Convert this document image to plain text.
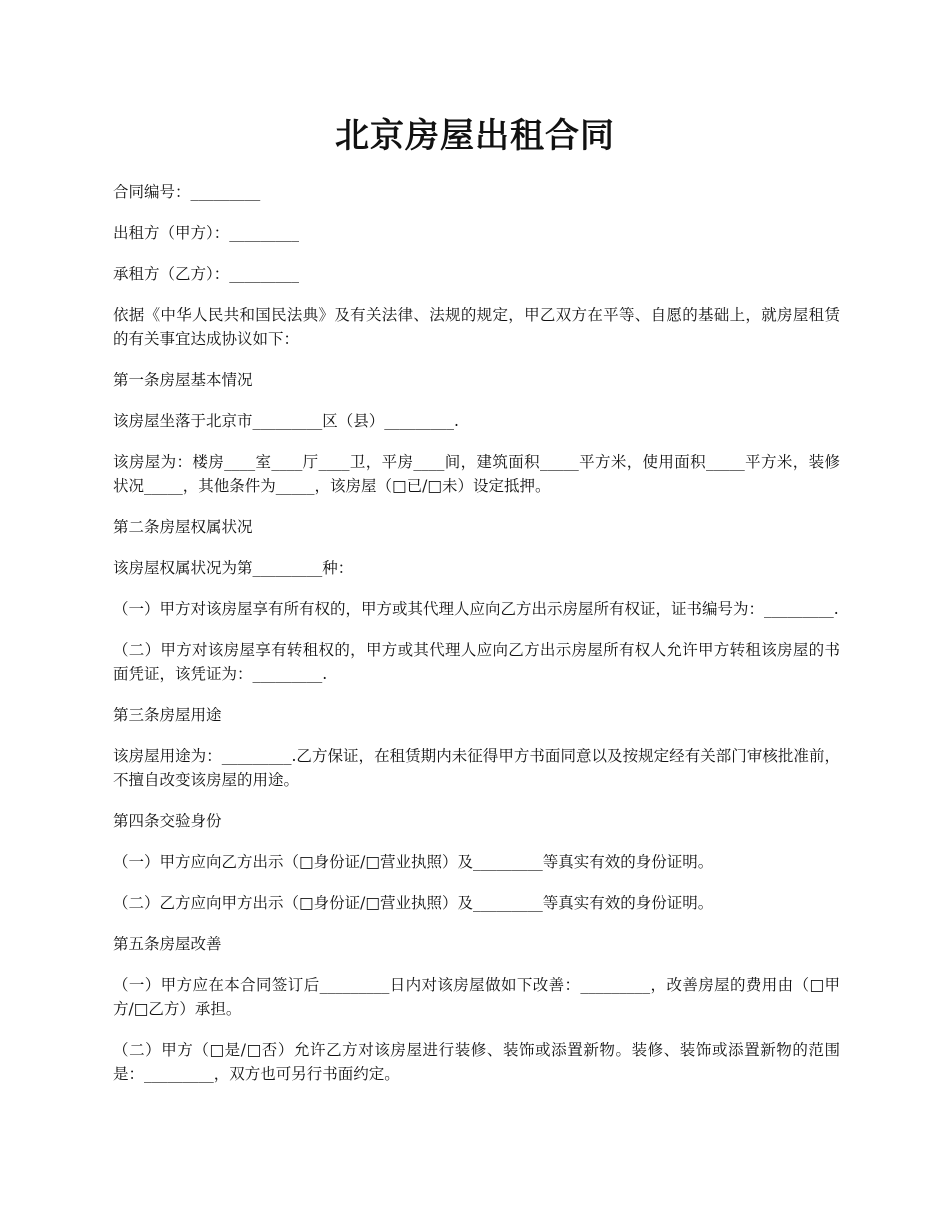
北京房屋出租合同

合同编号：_________

出租方（甲方）：_________

承租方（乙方）：_________

依据《中华人民共和国民法典》及有关法律、法规的规定，甲乙双方在平等、自愿的基础上，就房屋租赁的有关事宜达成协议如下：

第一条房屋基本情况

该房屋坐落于北京市_________区（县）_________.

该房屋为：楼房____室____厅____卫，平房____间，建筑面积_____平方米，使用面积_____平方米，装修状况_____，其他条件为_____，该房屋（□已/□未）设定抵押。

第二条房屋权属状况

该房屋权属状况为第_________种：

（一）甲方对该房屋享有所有权的，甲方或其代理人应向乙方出示房屋所有权证，证书编号为：_________.

（二）甲方对该房屋享有转租权的，甲方或其代理人应向乙方出示房屋所有权人允许甲方转租该房屋的书面凭证，该凭证为：_________.

第三条房屋用途

该房屋用途为：_________.乙方保证，在租赁期内未征得甲方书面同意以及按规定经有关部门审核批准前，不擅自改变该房屋的用途。

第四条交验身份

（一）甲方应向乙方出示（□身份证/□营业执照）及_________等真实有效的身份证明。

（二）乙方应向甲方出示（□身份证/□营业执照）及_________等真实有效的身份证明。

第五条房屋改善

（一）甲方应在本合同签订后_________日内对该房屋做如下改善：_________，改善房屋的费用由（□甲方/□乙方）承担。

（二）甲方（□是/□否）允许乙方对该房屋进行装修、装饰或添置新物。装修、装饰或添置新物的范围是：_________，双方也可另行书面约定。
